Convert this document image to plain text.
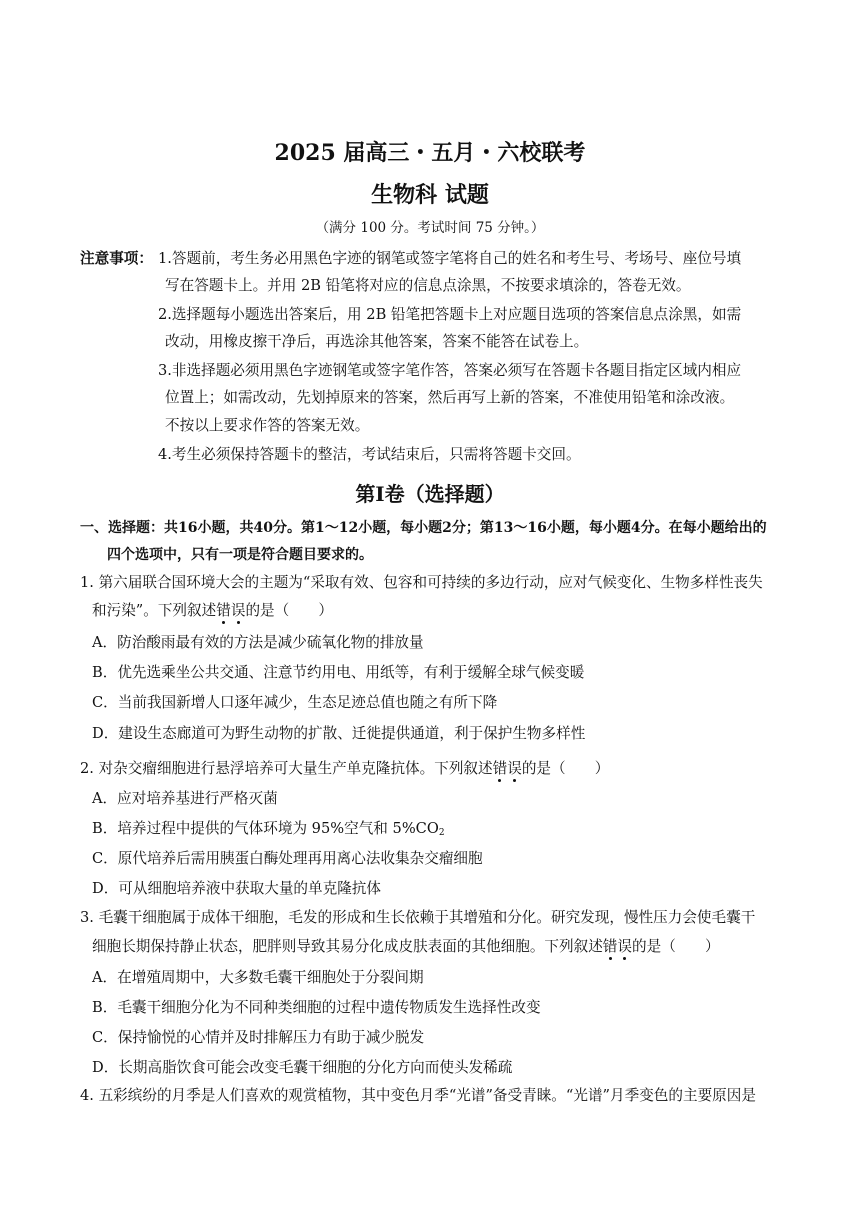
2025 届高三・五月・六校联考
生物科 试题
（满分 100 分。考试时间 75 分钟。）
注意事项： 1.答题前，考生务必用黑色字迹的钢笔或签字笔将自己的姓名和考生号、考场号、座位号填
写在答题卡上。并用 2B 铅笔将对应的信息点涂黑，不按要求填涂的，答卷无效。
2.选择题每小题选出答案后，用 2B 铅笔把答题卡上对应题目选项的答案信息点涂黑，如需
改动，用橡皮擦干净后，再选涂其他答案，答案不能答在试卷上。
3.非选择题必须用黑色字迹钢笔或签字笔作答，答案必须写在答题卡各题目指定区域内相应
位置上；如需改动，先划掉原来的答案，然后再写上新的答案，不准使用铅笔和涂改液。
不按以上要求作答的答案无效。
4.考生必须保持答题卡的整洁，考试结束后，只需将答题卡交回。
第Ⅰ卷（选择题）
一、选择题：共16小题，共40分。第1～12小题，每小题2分；第13～16小题，每小题4分。在每小题给出的
四个选项中，只有一项是符合题目要求的。
1. 第六届联合国环境大会的主题为“采取有效、包容和可持续的多边行动，应对气候变化、生物多样性丧失
和污染”。下列叙述错误的是（　　）
A．防治酸雨最有效的方法是减少硫氧化物的排放量
B．优先选乘坐公共交通、注意节约用电、用纸等，有利于缓解全球气候变暖
C．当前我国新增人口逐年减少，生态足迹总值也随之有所下降
D．建设生态廊道可为野生动物的扩散、迁徙提供通道，利于保护生物多样性
2. 对杂交瘤细胞进行悬浮培养可大量生产单克隆抗体。下列叙述错误的是（　　）
A．应对培养基进行严格灭菌
B．培养过程中提供的气体环境为 95%空气和 $5\%CO_2$
C．原代培养后需用胰蛋白酶处理再用离心法收集杂交瘤细胞
D．可从细胞培养液中获取大量的单克隆抗体
3. 毛囊干细胞属于成体干细胞，毛发的形成和生长依赖于其增殖和分化。研究发现，慢性压力会使毛囊干
细胞长期保持静止状态，肥胖则导致其易分化成皮肤表面的其他细胞。下列叙述错误的是（　　）
A．在增殖周期中，大多数毛囊干细胞处于分裂间期
B．毛囊干细胞分化为不同种类细胞的过程中遗传物质发生选择性改变
C．保持愉悦的心情并及时排解压力有助于减少脱发
D．长期高脂饮食可能会改变毛囊干细胞的分化方向而使头发稀疏
4. 五彩缤纷的月季是人们喜欢的观赏植物，其中变色月季“光谱”备受青睐。“光谱”月季变色的主要原因是
